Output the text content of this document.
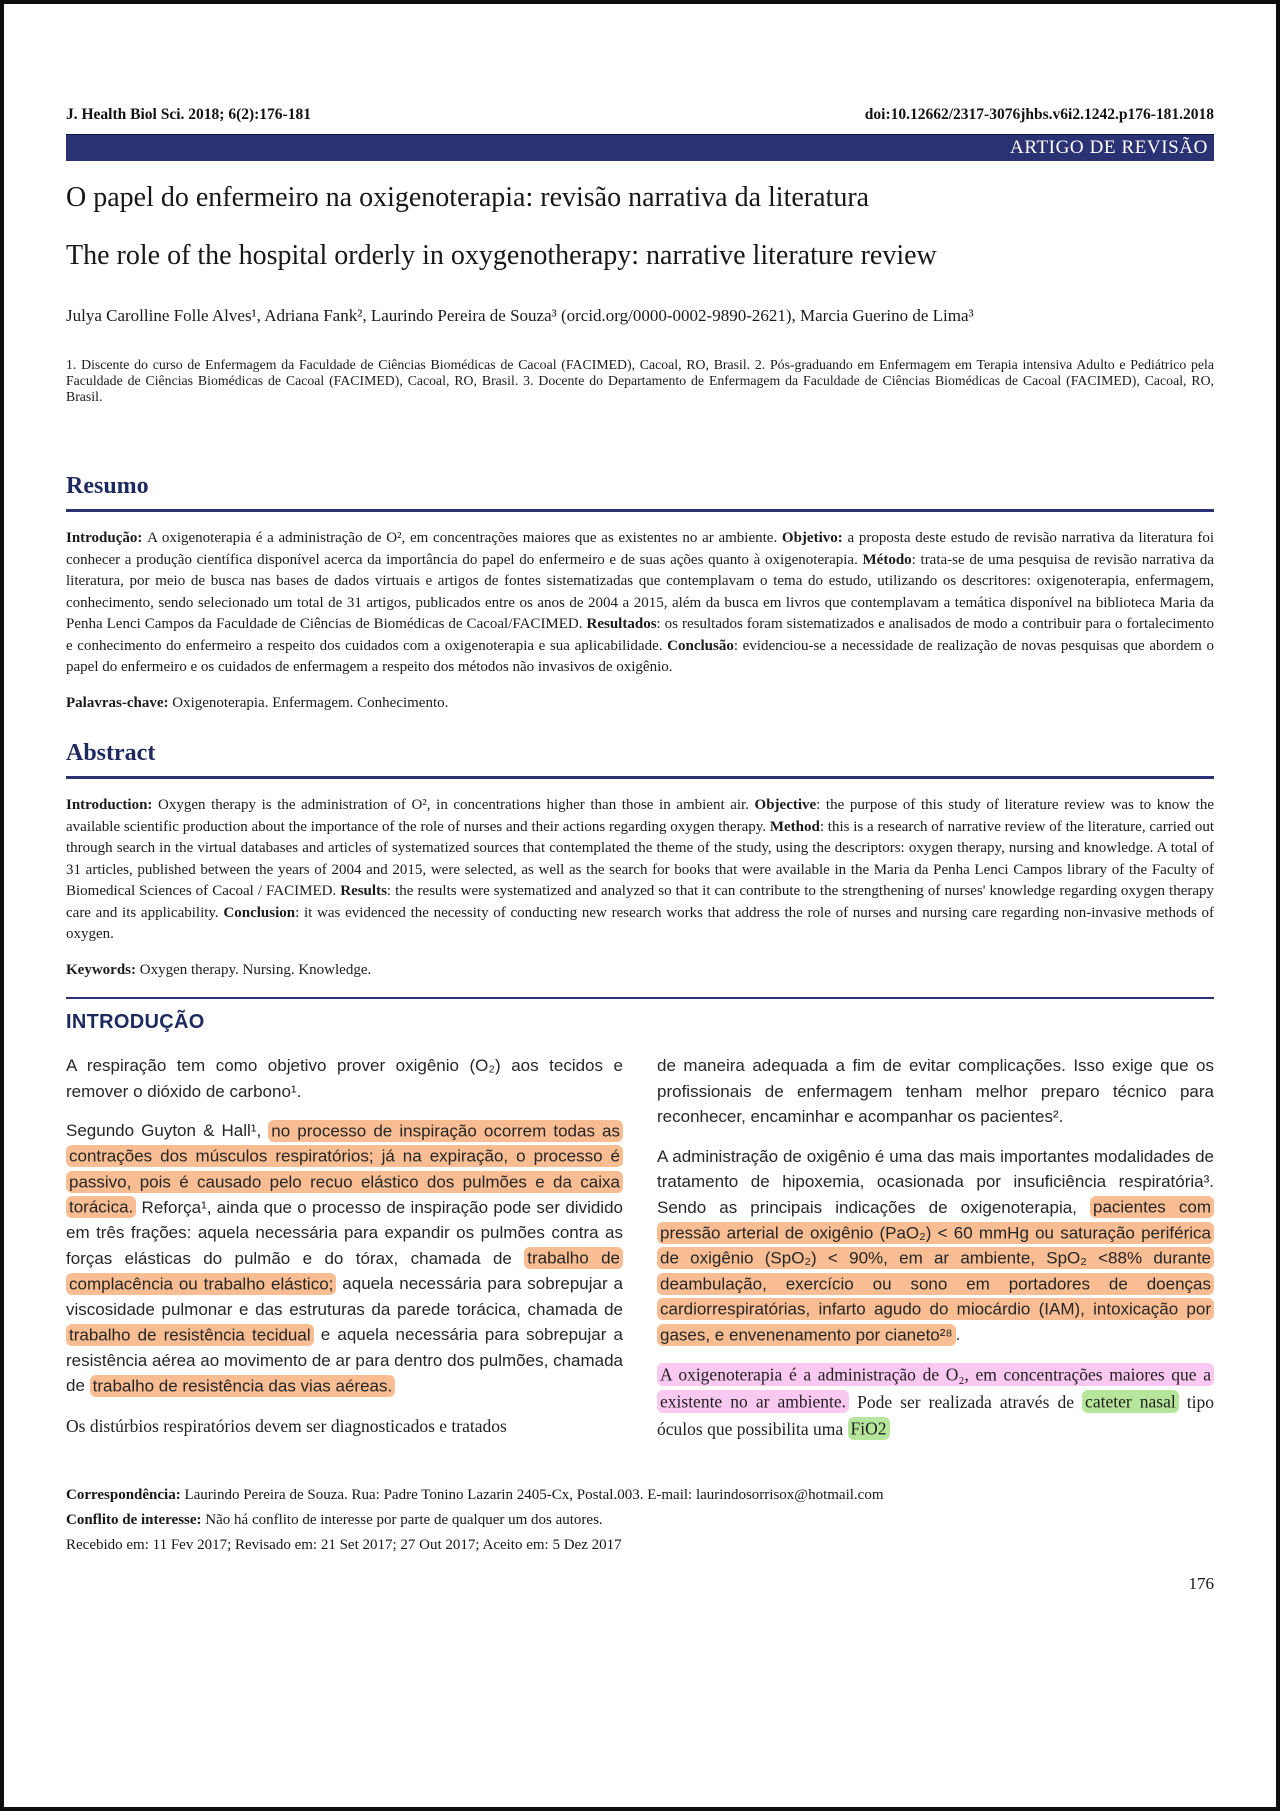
J. Health Biol Sci. 2018; 6(2):176-181	doi:10.12662/2317-3076jhbs.v6i2.1242.p176-181.2018
ARTIGO DE REVISÃO
O papel do enfermeiro na oxigenoterapia: revisão narrativa da literatura
The role of the hospital orderly in oxygenotherapy: narrative literature review

Julya Carolline Folle Alves¹, Adriana Fank², Laurindo Pereira de Souza³ (orcid.org/0000-0002-9890-2621), Marcia Guerino de Lima³

1. Discente do curso de Enfermagem da Faculdade de Ciências Biomédicas de Cacoal (FACIMED), Cacoal, RO, Brasil. 2. Pós-graduando em Enfermagem em Terapia intensiva Adulto e Pediátrico pela Faculdade de Ciências Biomédicas de Cacoal (FACIMED), Cacoal, RO, Brasil. 3. Docente do Departamento de Enfermagem da Faculdade de Ciências Biomédicas de Cacoal (FACIMED), Cacoal, RO, Brasil.

Resumo

Introdução: A oxigenoterapia é a administração de O², em concentrações maiores que as existentes no ar ambiente. Objetivo: a proposta deste estudo de revisão narrativa da literatura foi conhecer a produção científica disponível acerca da importância do papel do enfermeiro e de suas ações quanto à oxigenoterapia. Método: trata-se de uma pesquisa de revisão narrativa da literatura, por meio de busca nas bases de dados virtuais e artigos de fontes sistematizadas que contemplavam o tema do estudo, utilizando os descritores: oxigenoterapia, enfermagem, conhecimento, sendo selecionado um total de 31 artigos, publicados entre os anos de 2004 a 2015, além da busca em livros que contemplavam a temática disponível na biblioteca Maria da Penha Lenci Campos da Faculdade de Ciências de Biomédicas de Cacoal/FACIMED. Resultados: os resultados foram sistematizados e analisados de modo a contribuir para o fortalecimento e conhecimento do enfermeiro a respeito dos cuidados com a oxigenoterapia e sua aplicabilidade. Conclusão: evidenciou-se a necessidade de realização de novas pesquisas que abordem o papel do enfermeiro e os cuidados de enfermagem a respeito dos métodos não invasivos de oxigênio.

Palavras-chave: Oxigenoterapia. Enfermagem. Conhecimento.

Abstract

Introduction: Oxygen therapy is the administration of O², in concentrations higher than those in ambient air. Objective: the purpose of this study of literature review was to know the available scientific production about the importance of the role of nurses and their actions regarding oxygen therapy. Method: this is a research of narrative review of the literature, carried out through search in the virtual databases and articles of systematized sources that contemplated the theme of the study, using the descriptors: oxygen therapy, nursing and knowledge. A total of 31 articles, published between the years of 2004 and 2015, were selected, as well as the search for books that were available in the Maria da Penha Lenci Campos library of the Faculty of Biomedical Sciences of Cacoal / FACIMED. Results: the results were systematized and analyzed so that it can contribute to the strengthening of nurses' knowledge regarding oxygen therapy care and its applicability. Conclusion: it was evidenced the necessity of conducting new research works that address the role of nurses and nursing care regarding non-invasive methods of oxygen.

Keywords: Oxygen therapy. Nursing. Knowledge.

INTRODUÇÃO

A respiração tem como objetivo prover oxigênio (O₂) aos tecidos e remover o dióxido de carbono¹.

Segundo Guyton & Hall¹, no processo de inspiração ocorrem todas as contrações dos músculos respiratórios; já na expiração, o processo é passivo, pois é causado pelo recuo elástico dos pulmões e da caixa torácica. Reforça¹, ainda que o processo de inspiração pode ser dividido em três frações: aquela necessária para expandir os pulmões contra as forças elásticas do pulmão e do tórax, chamada de trabalho de complacência ou trabalho elástico; aquela necessária para sobrepujar a viscosidade pulmonar e das estruturas da parede torácica, chamada de trabalho de resistência tecidual e aquela necessária para sobrepujar a resistência aérea ao movimento de ar para dentro dos pulmões, chamada de trabalho de resistência das vias aéreas.

Os distúrbios respiratórios devem ser diagnosticados e tratados

de maneira adequada a fim de evitar complicações. Isso exige que os profissionais de enfermagem tenham melhor preparo técnico para reconhecer, encaminhar e acompanhar os pacientes².

A administração de oxigênio é uma das mais importantes modalidades de tratamento de hipoxemia, ocasionada por insuficiência respiratória³. Sendo as principais indicações de oxigenoterapia, pacientes com pressão arterial de oxigênio (PaO₂) < 60 mmHg ou saturação periférica de oxigênio (SpO₂) < 90%, em ar ambiente, SpO₂ <88% durante deambulação, exercício ou sono em portadores de doenças cardiorrespiratórias, infarto agudo do miocárdio (IAM), intoxicação por gases, e envenenamento por cianeto²⁸ .

A oxigenoterapia é a administração de O₂, em concentrações maiores que a existente no ar ambiente. Pode ser realizada através de cateter nasal tipo óculos que possibilita uma FiO2

Correspondência: Laurindo Pereira de Souza. Rua: Padre Tonino Lazarin 2405-Cx, Postal.003. E-mail: laurindosorrisox@hotmail.com

Conflito de interesse: Não há conflito de interesse por parte de qualquer um dos autores.

Recebido em: 11 Fev 2017; Revisado em: 21 Set 2017; 27 Out 2017; Aceito em: 5 Dez 2017

176
